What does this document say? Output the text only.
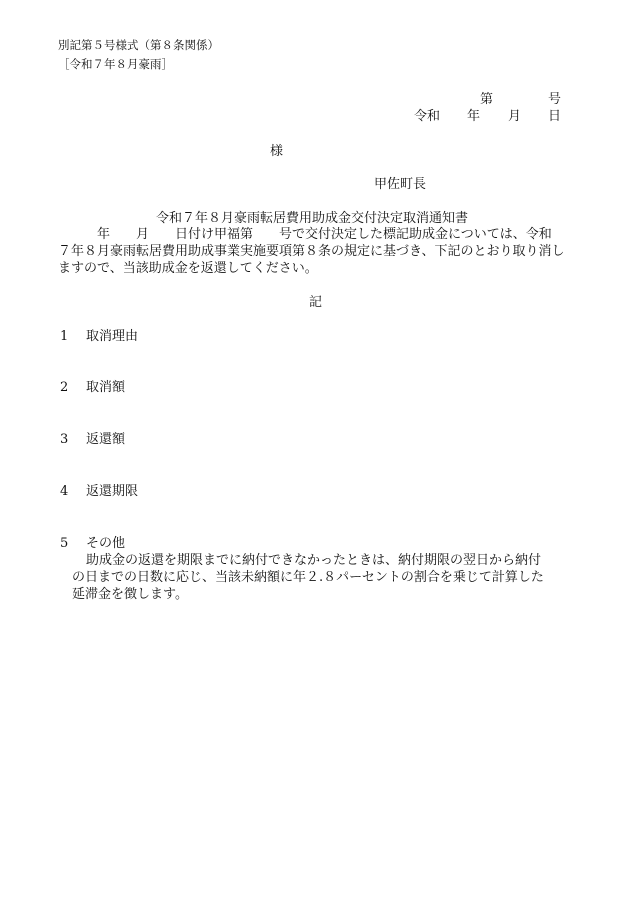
別記第５号様式（第８条関係）
［令和７年８月豪雨］
第	号
令和 年 月 日
様
甲佐町長
令和７年８月豪雨転居費用助成金交付決定取消通知書
　　　年　　月　　日付け甲福第　　号で交付決定した標記助成金については、令和
７年８月豪雨転居費用助成事業実施要項第８条の規定に基づき、下記のとおり取り消し
ますので、当該助成金を返還してください。
記
1 取消理由
2 取消額
3 返還額
4 返還期限
5 その他
助成金の返還を期限までに納付できなかったときは、納付期限の翌日から納付
の日までの日数に応じ、当該未納額に年２.８パーセントの割合を乗じて計算した
延滞金を徴します。
